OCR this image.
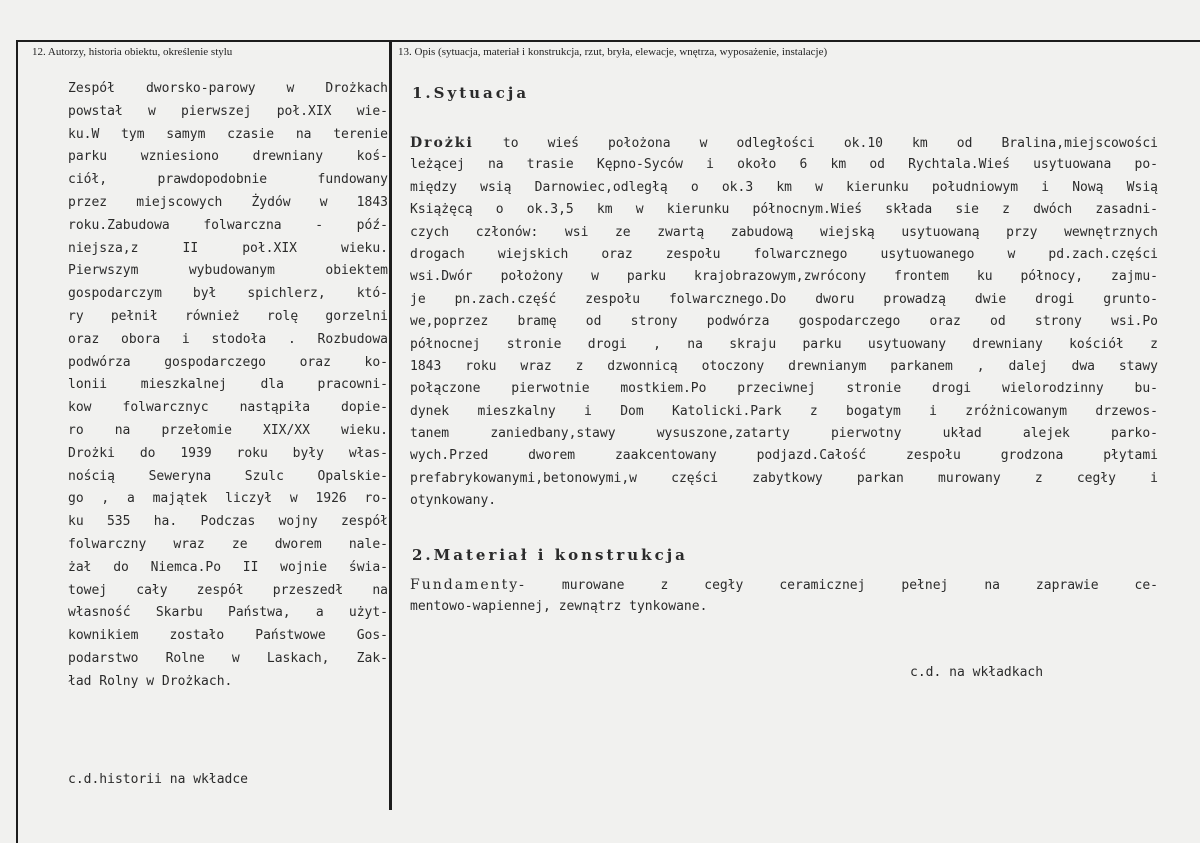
12. Autorzy, historia obiektu, określenie stylu	13. Opis (sytuacja, materiał i konstrukcja, rzut, bryła, elewacje, wnętrza, wyposażenie, instalacje)
Zespół dworsko-parowy w Drożkach
powstał w pierwszej poł.XIX wie-
ku.W tym samym czasie na terenie
parku wzniesiono drewniany koś-
ciół, prawdopodobnie fundowany
przez miejscowych Żydów w 1843
roku.Zabudowa folwarczna - póź-
niejsza,z II poł.XIX wieku.
Pierwszym wybudowanym obiektem
gospodarczym był spichlerz, któ-
ry pełnił również rolę gorzelni
oraz obora i stodoła . Rozbudowa
podwórza gospodarczego oraz ko-
lonii mieszkalnej dla pracowni-
kow folwarcznyc nastąpiła dopie-
ro na przełomie XIX/XX wieku.
Drożki do 1939 roku były włas-
nością Seweryna Szulc Opalskie-
go , a majątek liczył w 1926 ro-
ku 535 ha. Podczas wojny zespół
folwarczny wraz ze dworem nale-
żał do Niemca.Po II wojnie świa-
towej cały zespół przeszedł na
własność Skarbu Państwa, a użyt-
kownikiem zostało Państwowe Gos-
podarstwo Rolne w Laskach, Zak-
ład Rolny w Drożkach.
c.d.historii na wkładce
1.Sytuacja
Drożki to wieś położona w odległości ok.10 km od Bralina,miejscowości
leżącej na trasie Kępno-Syców i około 6 km od Rychtala.Wieś usytuowana po-
między wsią Darnowiec,odległą o ok.3 km w kierunku południowym i Nową Wsią
Książęcą o ok.3,5 km w kierunku północnym.Wieś składa sie z dwóch zasadni-
czych członów: wsi ze zwartą zabudową wiejską usytuowaną przy wewnętrznych
drogach wiejskich oraz zespołu folwarcznego usytuowanego w pd.zach.części
wsi.Dwór położony w parku krajobrazowym,zwrócony frontem ku północy, zajmu-
je pn.zach.część zespołu folwarcznego.Do dworu prowadzą dwie drogi grunto-
we,poprzez bramę od strony podwórza gospodarczego oraz od strony wsi.Po
północnej stronie drogi , na skraju parku usytuowany drewniany kościół z
1843 roku wraz z dzwonnicą otoczony drewnianym parkanem , dalej dwa stawy
połączone pierwotnie mostkiem.Po przeciwnej stronie drogi wielorodzinny bu-
dynek mieszkalny i Dom Katolicki.Park z bogatym i zróżnicowanym drzewos-
tanem zaniedbany,stawy wysuszone,zatarty pierwotny układ alejek parko-
wych.Przed dworem zaakcentowany podjazd.Całość zespołu grodzona płytami
prefabrykowanymi,betonowymi,w części zabytkowy parkan murowany z cegły i
otynkowany.
2.Materiał i konstrukcja
Fundamenty- murowane z cegły ceramicznej pełnej na zaprawie ce-
mentowo-wapiennej, zewnątrz tynkowane.
c.d. na wkładkach
